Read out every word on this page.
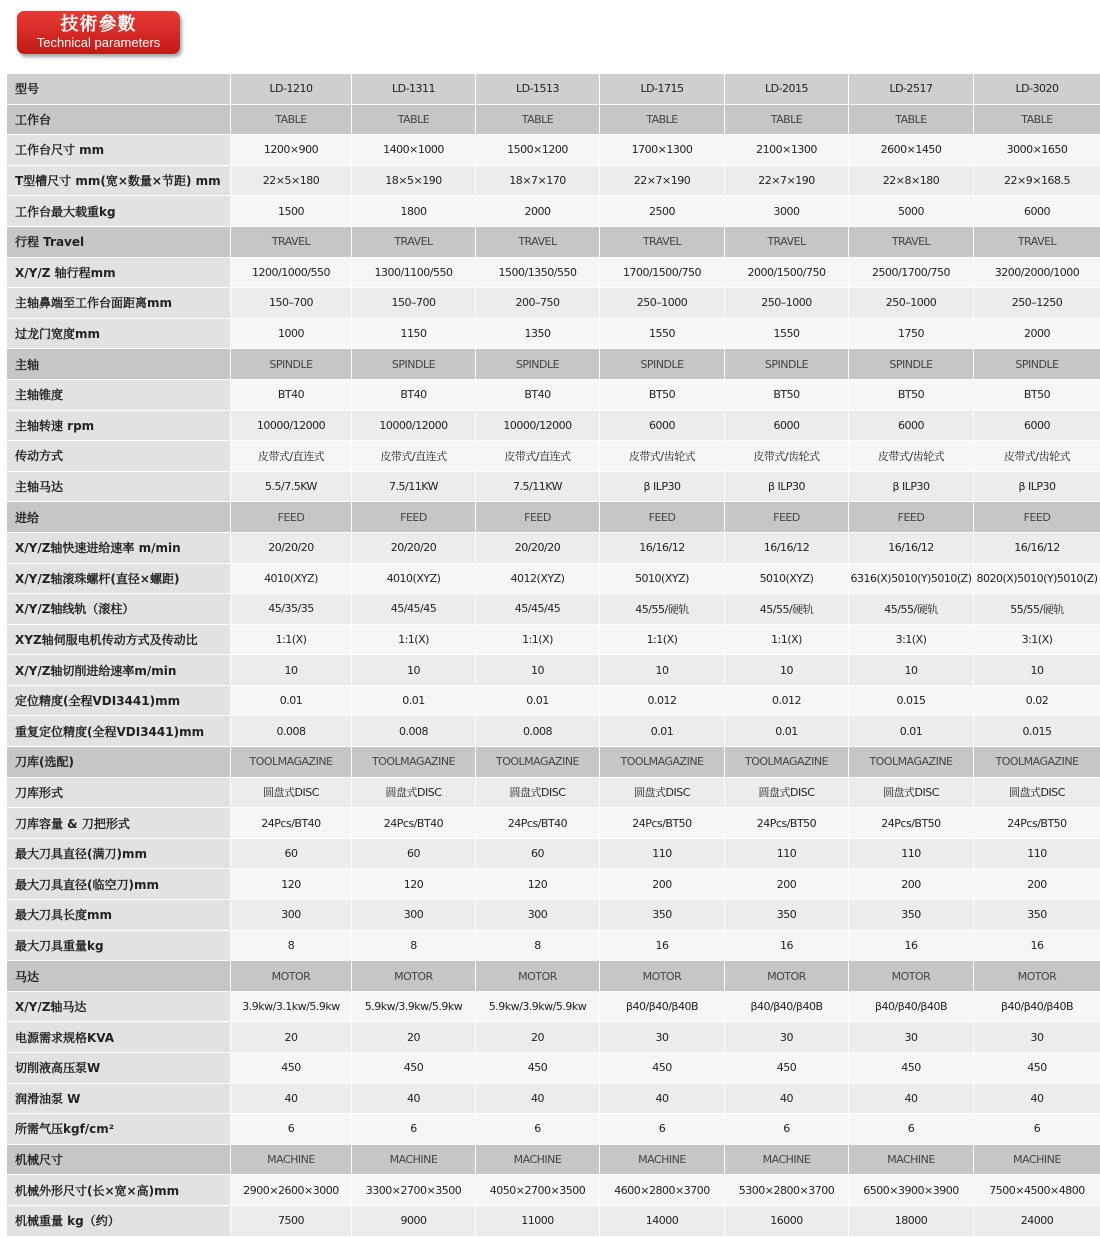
技術參數
Technical parameters
型号	LD-1210	LD-1311	LD-1513	LD-1715	LD-2015	LD-2517	LD-3020
工作台	TABLE	TABLE	TABLE	TABLE	TABLE	TABLE	TABLE
工作台尺寸 mm	1200×900	1400×1000	1500×1200	1700×1300	2100×1300	2600×1450	3000×1650
T型槽尺寸 mm(宽×数量×节距) mm	22×5×180	18×5×190	18×7×170	22×7×190	22×7×190	22×8×180	22×9×168.5
工作台最大载重kg	1500	1800	2000	2500	3000	5000	6000
行程 Travel	TRAVEL	TRAVEL	TRAVEL	TRAVEL	TRAVEL	TRAVEL	TRAVEL
X/Y/Z 轴行程mm	1200/1000/550	1300/1100/550	1500/1350/550	1700/1500/750	2000/1500/750	2500/1700/750	3200/2000/1000
主轴鼻端至工作台面距离mm	150–700	150–700	200–750	250–1000	250–1000	250–1000	250–1250
过龙门宽度mm	1000	1150	1350	1550	1550	1750	2000
主轴	SPINDLE	SPINDLE	SPINDLE	SPINDLE	SPINDLE	SPINDLE	SPINDLE
主轴锥度	BT40	BT40	BT40	BT50	BT50	BT50	BT50
主轴转速 rpm	10000/12000	10000/12000	10000/12000	6000	6000	6000	6000
传动方式	皮带式/直连式	皮带式/直连式	皮带式/直连式	皮带式/齿轮式	皮带式/齿轮式	皮带式/齿轮式	皮带式/齿轮式
主轴马达	5.5/7.5KW	7.5/11KW	7.5/11KW	β ILP30	β ILP30	β ILP30	β ILP30
进给	FEED	FEED	FEED	FEED	FEED	FEED	FEED
X/Y/Z轴快速进给速率 m/min	20/20/20	20/20/20	20/20/20	16/16/12	16/16/12	16/16/12	16/16/12
X/Y/Z轴滚珠螺杆(直径×螺距)	4010(XYZ)	4010(XYZ)	4012(XYZ)	5010(XYZ)	5010(XYZ)	6316(X)5010(Y)5010(Z)	8020(X)5010(Y)5010(Z)
X/Y/Z轴线轨（滚柱）	45/35/35	45/45/45	45/45/45	45/55/硬轨	45/55/硬轨	45/55/硬轨	55/55/硬轨
XYZ轴伺服电机传动方式及传动比	1:1(X)	1:1(X)	1:1(X)	1:1(X)	1:1(X)	3:1(X)	3:1(X)
X/Y/Z轴切削进给速率m/min	10	10	10	10	10	10	10
定位精度(全程VDI3441)mm	0.01	0.01	0.01	0.012	0.012	0.015	0.02
重复定位精度(全程VDI3441)mm	0.008	0.008	0.008	0.01	0.01	0.01	0.015
刀库(选配)	TOOLMAGAZINE	TOOLMAGAZINE	TOOLMAGAZINE	TOOLMAGAZINE	TOOLMAGAZINE	TOOLMAGAZINE	TOOLMAGAZINE
刀库形式	圆盘式DISC	圆盘式DISC	圆盘式DISC	圆盘式DISC	圆盘式DISC	圆盘式DISC	圆盘式DISC
刀库容量 & 刀把形式	24Pcs/BT40	24Pcs/BT40	24Pcs/BT40	24Pcs/BT50	24Pcs/BT50	24Pcs/BT50	24Pcs/BT50
最大刀具直径(满刀)mm	60	60	60	110	110	110	110
最大刀具直径(临空刀)mm	120	120	120	200	200	200	200
最大刀具长度mm	300	300	300	350	350	350	350
最大刀具重量kg	8	8	8	16	16	16	16
马达	MOTOR	MOTOR	MOTOR	MOTOR	MOTOR	MOTOR	MOTOR
X/Y/Z轴马达	3.9kw/3.1kw/5.9kw	5.9kw/3.9kw/5.9kw	5.9kw/3.9kw/5.9kw	β40/β40/β40B	β40/β40/β40B	β40/β40/β40B	β40/β40/β40B
电源需求规格KVA	20	20	20	30	30	30	30
切削液高压泵W	450	450	450	450	450	450	450
润滑油泵 W	40	40	40	40	40	40	40
所需气压kgf/cm²	6	6	6	6	6	6	6
机械尺寸	MACHINE	MACHINE	MACHINE	MACHINE	MACHINE	MACHINE	MACHINE
机械外形尺寸(长×宽×高)mm	2900×2600×3000	3300×2700×3500	4050×2700×3500	4600×2800×3700	5300×2800×3700	6500×3900×3900	7500×4500×4800
机械重量 kg（约）	7500	9000	11000	14000	16000	18000	24000
